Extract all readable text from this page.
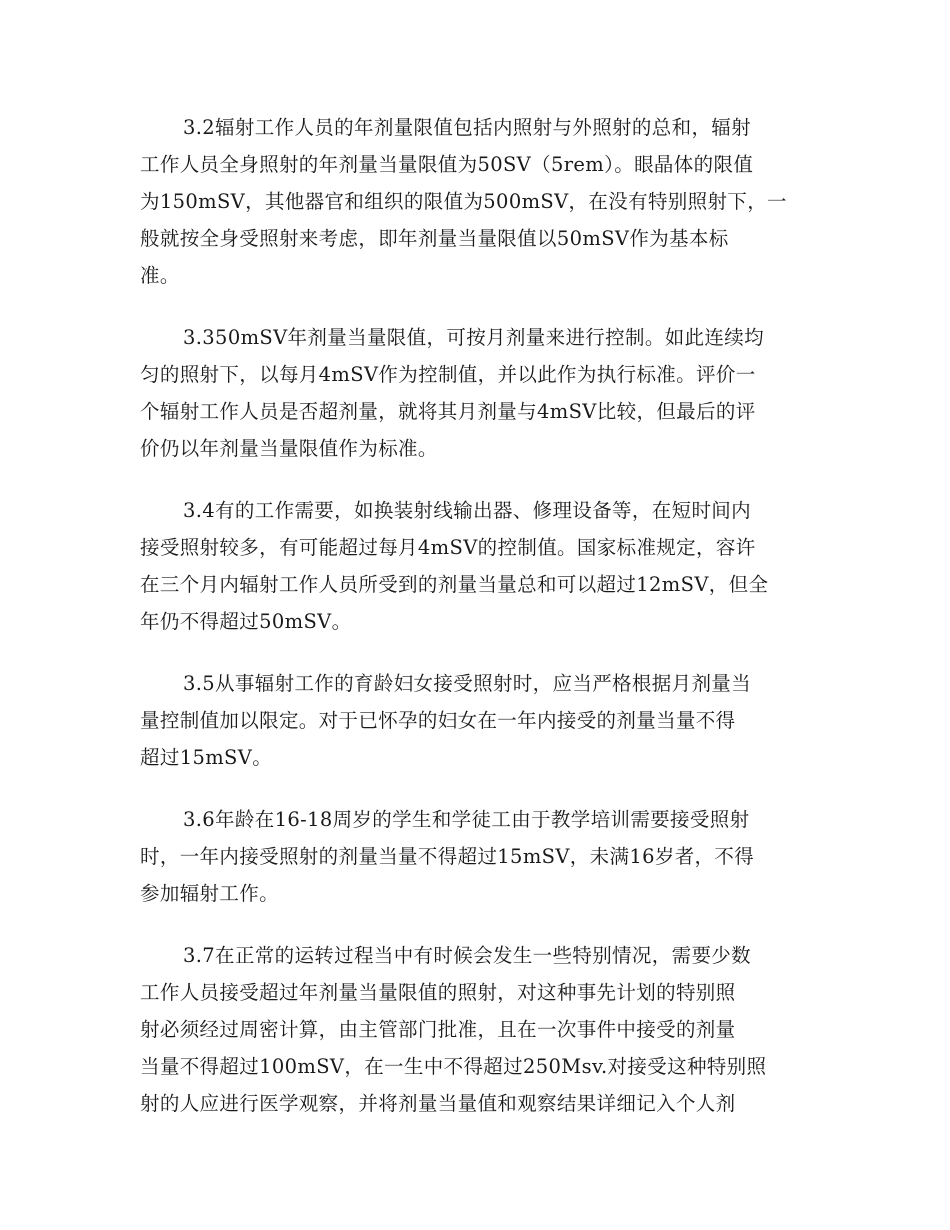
3.2辐射工作人员的年剂量限值包括内照射与外照射的总和，辐射
工作人员全身照射的年剂量当量限值为50SV（5rem）。眼晶体的限值
为150mSV，其他器官和组织的限值为500mSV，在没有特别照射下，一
般就按全身受照射来考虑，即年剂量当量限值以50mSV作为基本标
准。
3.350mSV年剂量当量限值，可按月剂量来进行控制。如此连续均
匀的照射下，以每月4mSV作为控制值，并以此作为执行标准。评价一
个辐射工作人员是否超剂量，就将其月剂量与4mSV比较，但最后的评
价仍以年剂量当量限值作为标准。
3.4有的工作需要，如换装射线输出器、修理设备等，在短时间内
接受照射较多，有可能超过每月4mSV的控制值。国家标准规定，容许
在三个月内辐射工作人员所受到的剂量当量总和可以超过12mSV，但全
年仍不得超过50mSV。
3.5从事辐射工作的育龄妇女接受照射时，应当严格根据月剂量当
量控制值加以限定。对于已怀孕的妇女在一年内接受的剂量当量不得
超过15mSV。
3.6年龄在16-18周岁的学生和学徒工由于教学培训需要接受照射
时，一年内接受照射的剂量当量不得超过15mSV，未满16岁者，不得
参加辐射工作。
3.7在正常的运转过程当中有时候会发生一些特别情况，需要少数
工作人员接受超过年剂量当量限值的照射，对这种事先计划的特别照
射必须经过周密计算，由主管部门批准，且在一次事件中接受的剂量
当量不得超过100mSV，在一生中不得超过250Msv.对接受这种特别照
射的人应进行医学观察，并将剂量当量值和观察结果详细记入个人剂
